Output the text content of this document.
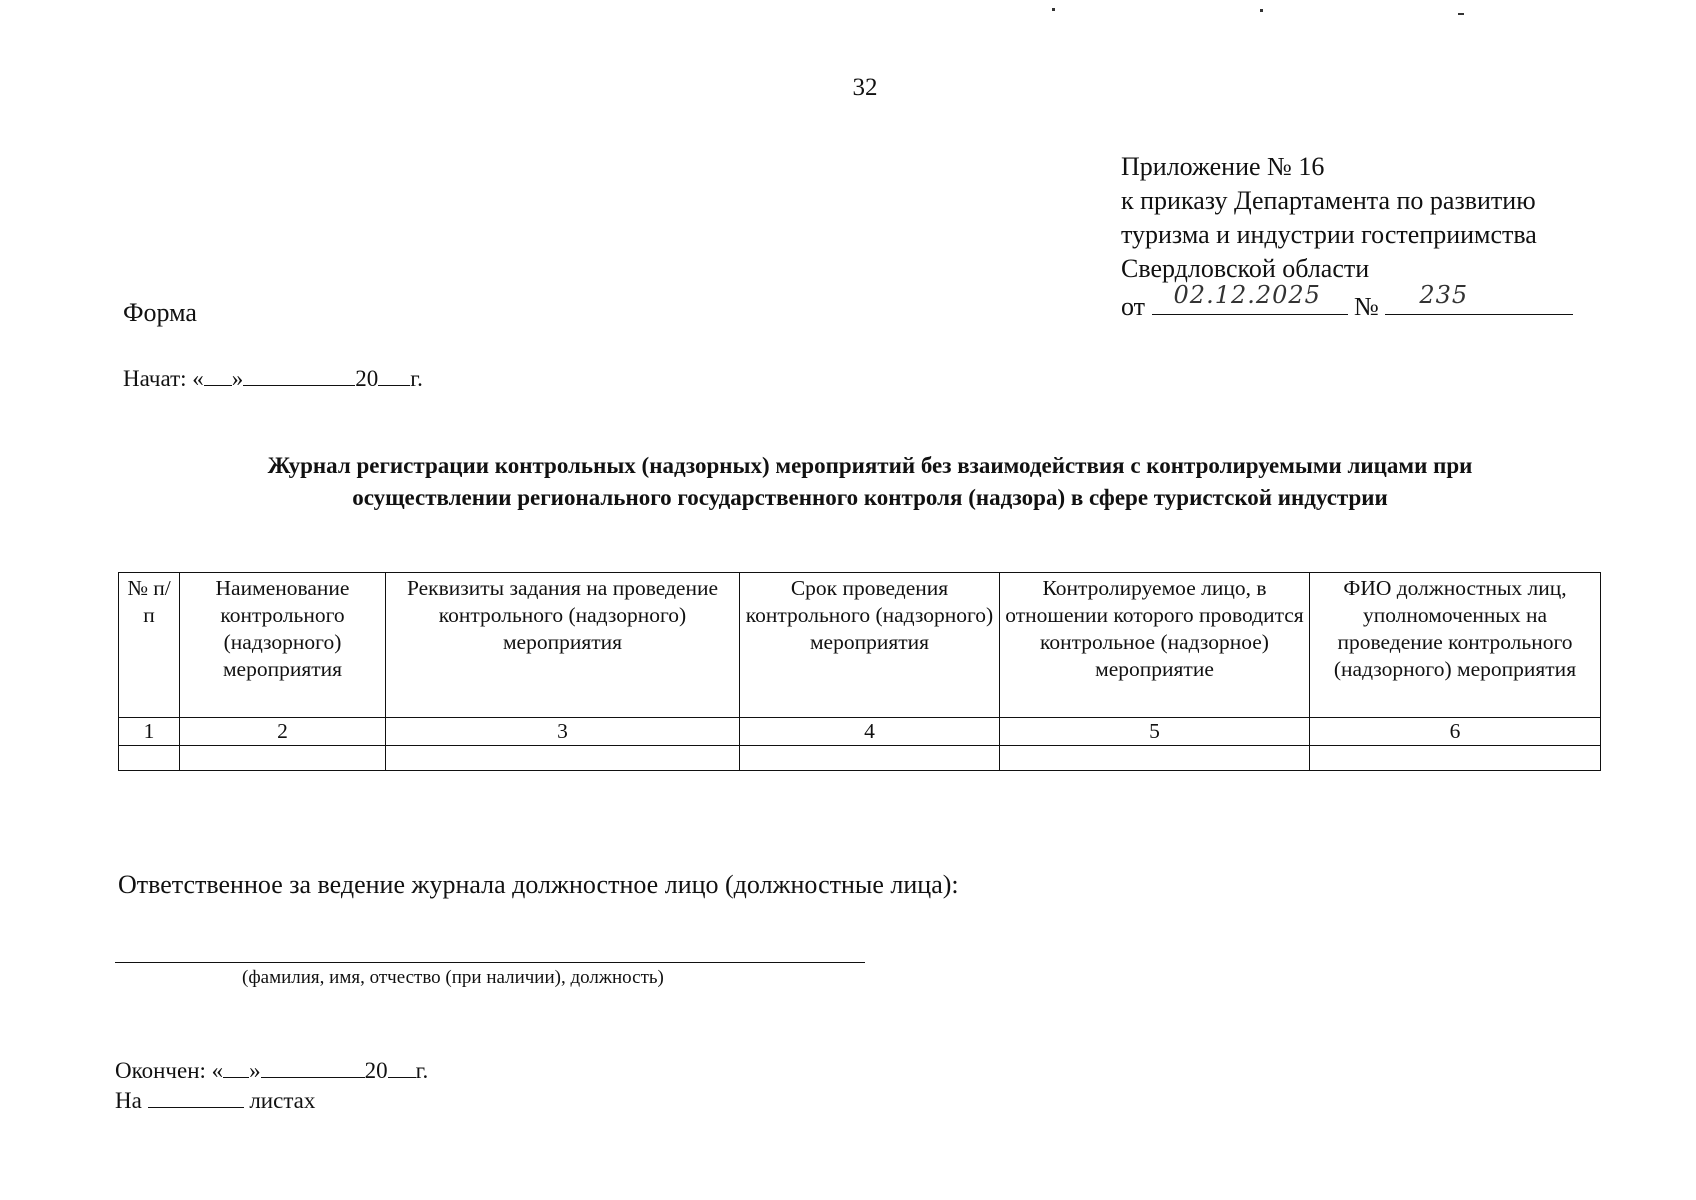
32
Приложение № 16
к приказу Департамента по развитию
туризма и индустрии гостеприимства
Свердловской области
от 02.12.2025 № 235
Форма
Начат: « »	20 г.
Журнал регистрации контрольных (надзорных) мероприятий без взаимодействия с контролируемыми лицами при
осуществлении регионального государственного контроля (надзора) в сфере туристской индустрии
№ п/п	Наименование контрольного (надзорного) мероприятия	Реквизиты задания на проведение контрольного (надзорного) мероприятия	Срок проведения контрольного (надзорного) мероприятия	Контролируемое лицо, в отношении которого проводится контрольное (надзорное) мероприятие	ФИО должностных лиц, уполномоченных на проведение контрольного (надзорного) мероприятия
1	2	3	4	5	6

Ответственное за ведение журнала должностное лицо (должностные лица):
(фамилия, имя, отчество (при наличии), должность)
Окончен: « »	20 г.
На	листах
